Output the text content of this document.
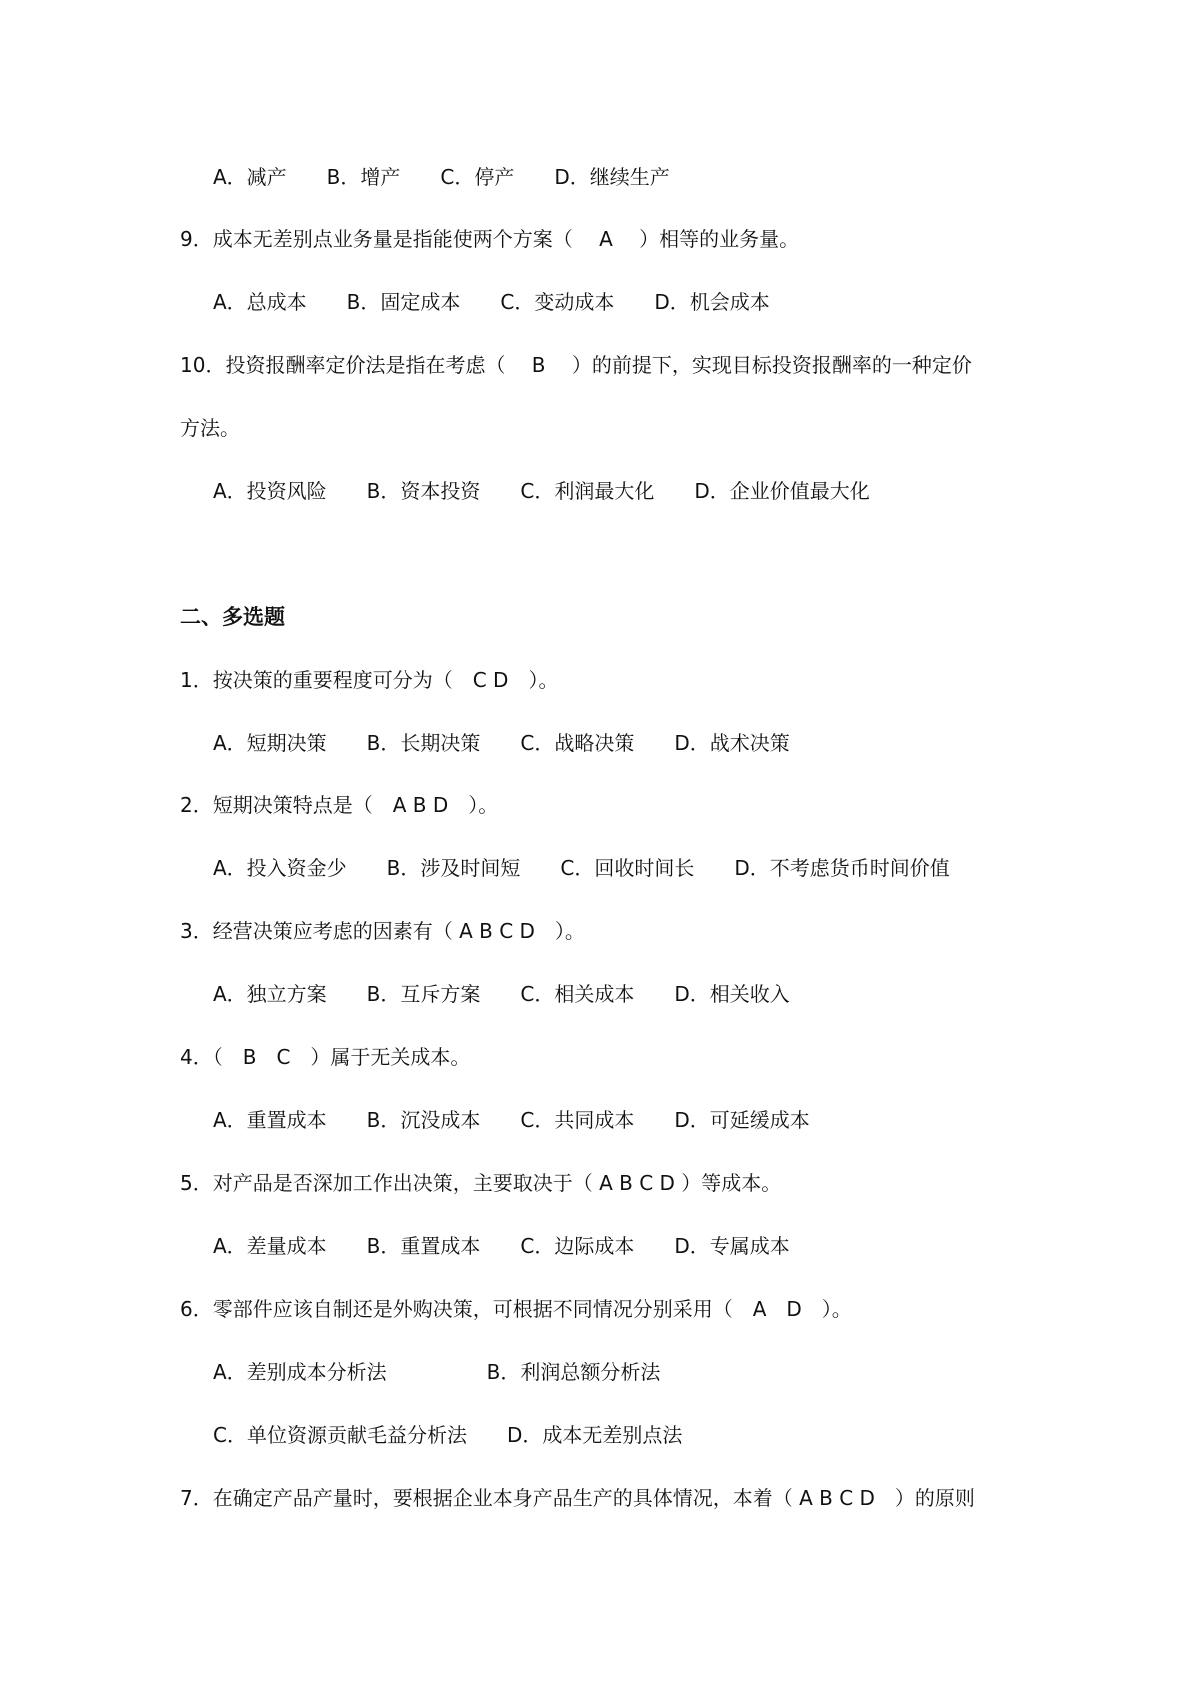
A．减产　　B．增产　　C．停产　　D．继续生产
9．成本无差别点业务量是指能使两个方案（　 A　 ）相等的业务量。
A．总成本　　B．固定成本　　C．变动成本　　D．机会成本
10．投资报酬率定价法是指在考虑（　 B　 ）的前提下，实现目标投资报酬率的一种定价
方法。
A．投资风险　　B．资本投资　　C．利润最大化　　D．企业价值最大化
二、多选题
1．按决策的重要程度可分为（　C D　）。
A．短期决策　　B．长期决策　　C．战略决策　　D．战术决策
2．短期决策特点是（　A B D　）。
A．投入资金少　　B．涉及时间短　　C．回收时间长　　D．不考虑货币时间价值
3．经营决策应考虑的因素有（ A B C D　）。
A．独立方案　　B．互斥方案　　C．相关成本　　D．相关收入
4．（　B　C　）属于无关成本。
A．重置成本　　B．沉没成本　　C．共同成本　　D．可延缓成本
5．对产品是否深加工作出决策，主要取决于（ A B C D ）等成本。
A．差量成本　　B．重置成本　　C．边际成本　　D．专属成本
6．零部件应该自制还是外购决策，可根据不同情况分别采用（　A　D　）。
A．差别成本分析法　　　　　B．利润总额分析法
C．单位资源贡献毛益分析法　　D．成本无差别点法
7．在确定产品产量时，要根据企业本身产品生产的具体情况，本着（ A B C D　）的原则
